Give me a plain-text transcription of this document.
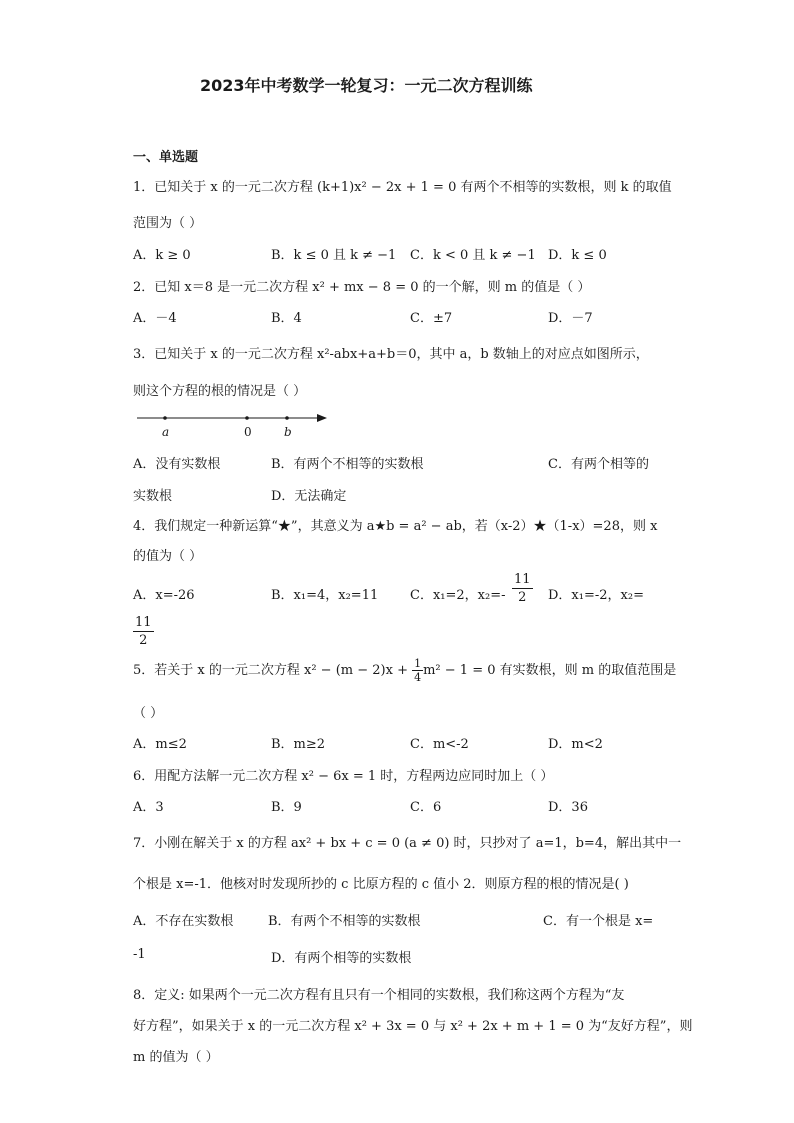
2023年中考数学一轮复习：一元二次方程训练
一、单选题
1．已知关于 x 的一元二次方程 (k+1)x² − 2x + 1 = 0 有两个不相等的实数根，则 k 的取值
范围为（ ）
A．k ≥ 0	B．k ≤ 0 且 k ≠ −1 C．k < 0 且 k ≠ −1 D．k ≤ 0
2．已知 x＝8 是一元二次方程 x² + mx − 8 = 0 的一个解，则 m 的值是（ ）
A．－4	B．4	C．±7	D．－7
3．已知关于 x 的一元二次方程 x²-abx+a+b＝0，其中 a，b 数轴上的对应点如图所示，
则这个方程的根的情况是（ ）
a	0	b
A．没有实数根	B．有两个不相等的实数根	C．有两个相等的
实数根	D．无法确定
4．我们规定一种新运算“★”，其意义为 a★b = a² − ab，若（x-2）★（1-x）=28，则 x
的值为（ ）
A．x=-26	B．x₁=4，x₂=11 C．x₁=2，$x_2=- \frac{11}{2}$ D．x₁=-2，x₂=
$\frac{11}{2}$
5．若关于 x 的一元二次方程 $x^2 - (m - 2)x + \frac{1}{4} m^2 - 1 = 0$ 有实数根，则 m 的取值范围是
（ ）
A．m≤2	B．m≥2	C．m<-2	D．m<2
6．用配方法解一元二次方程 x² − 6x = 1 时，方程两边应同时加上（ ）
A．3	B．9	C．6	D．36
7．小刚在解关于 x 的方程 ax² + bx + c = 0 (a ≠ 0) 时，只抄对了 a=1，b=4，解出其中一
个根是 x=-1．他核对时发现所抄的 c 比原方程的 c 值小 2．则原方程的根的情况是( )
A．不存在实数根	B．有两个不相等的实数根	C．有一个根是 x=
-1	D．有两个相等的实数根
8．定义: 如果两个一元二次方程有且只有一个相同的实数根，我们称这两个方程为“友
好方程”，如果关于 x 的一元二次方程 x² + 3x = 0 与 x² + 2x + m + 1 = 0 为“友好方程”，则
m 的值为（ ）
